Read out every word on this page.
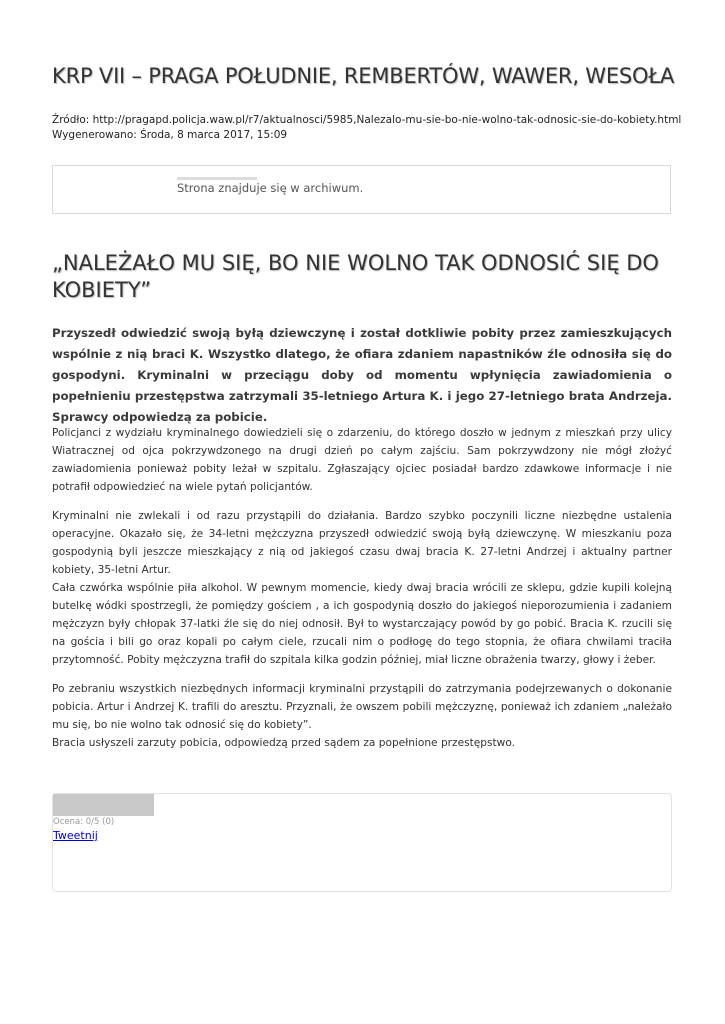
KRP VII – PRAGA POŁUDNIE, REMBERTÓW, WAWER, WESOŁA
Źródło: http://pragapd.policja.waw.pl/r7/aktualnosci/5985,Nalezalo-mu-sie-bo-nie-wolno-tak-odnosic-sie-do-kobiety.html
Wygenerowano: Środa, 8 marca 2017, 15:09
Strona znajduje się w archiwum.
„NALEŻAŁO MU SIĘ, BO NIE WOLNO TAK ODNOSIĆ SIĘ DO KOBIETY”

Przyszedł odwiedzić swoją byłą dziewczynę i został dotkliwie pobity przez zamieszkujących wspólnie z nią braci K. Wszystko dlatego, że ofiara zdaniem napastników źle odnosiła się do gospodyni. Kryminalni w przeciągu doby od momentu wpłynięcia zawiadomienia o popełnieniu przestępstwa zatrzymali 35-letniego Artura K. i jego 27-letniego brata Andrzeja. Sprawcy odpowiedzą za pobicie.

Policjanci z wydziału kryminalnego dowiedzieli się o zdarzeniu, do którego doszło w jednym z mieszkań przy ulicy Wiatracznej od ojca pokrzywdzonego na drugi dzień po całym zajściu. Sam pokrzywdzony nie mógł złożyć zawiadomienia ponieważ pobity leżał w szpitalu. Zgłaszający ojciec posiadał bardzo zdawkowe informacje i nie potrafił odpowiedzieć na wiele pytań policjantów.

Kryminalni nie zwlekali i od razu przystąpili do działania. Bardzo szybko poczynili liczne niezbędne ustalenia operacyjne. Okazało się, że 34-letni mężczyzna przyszedł odwiedzić swoją byłą dziewczynę. W mieszkaniu poza gospodynią byli jeszcze mieszkający z nią od jakiegoś czasu dwaj bracia K. 27-letni Andrzej i aktualny partner kobiety, 35-letni Artur.
Cała czwórka wspólnie piła alkohol. W pewnym momencie, kiedy dwaj bracia wrócili ze sklepu, gdzie kupili kolejną butelkę wódki spostrzegli, że pomiędzy gościem , a ich gospodynią doszło do jakiegoś nieporozumienia i zadaniem mężczyzn były chłopak 37-latki źle się do niej odnosił. Był to wystarczający powód by go pobić. Bracia K. rzucili się na gościa i bili go oraz kopali po całym ciele, rzucali nim o podłogę do tego stopnia, że ofiara chwilami traciła przytomność. Pobity mężczyzna trafił do szpitala kilka godzin później, miał liczne obrażenia twarzy, głowy i żeber.

Po zebraniu wszystkich niezbędnych informacji kryminalni przystąpili do zatrzymania podejrzewanych o dokonanie pobicia. Artur i Andrzej K. trafili do aresztu. Przyznali, że owszem pobili mężczyznę, ponieważ ich zdaniem „należało mu się, bo nie wolno tak odnosić się do kobiety”.
Bracia usłyszeli zarzuty pobicia, odpowiedzą przed sądem za popełnione przestępstwo.

Ocena: 0/5 (0)
Tweetnij
